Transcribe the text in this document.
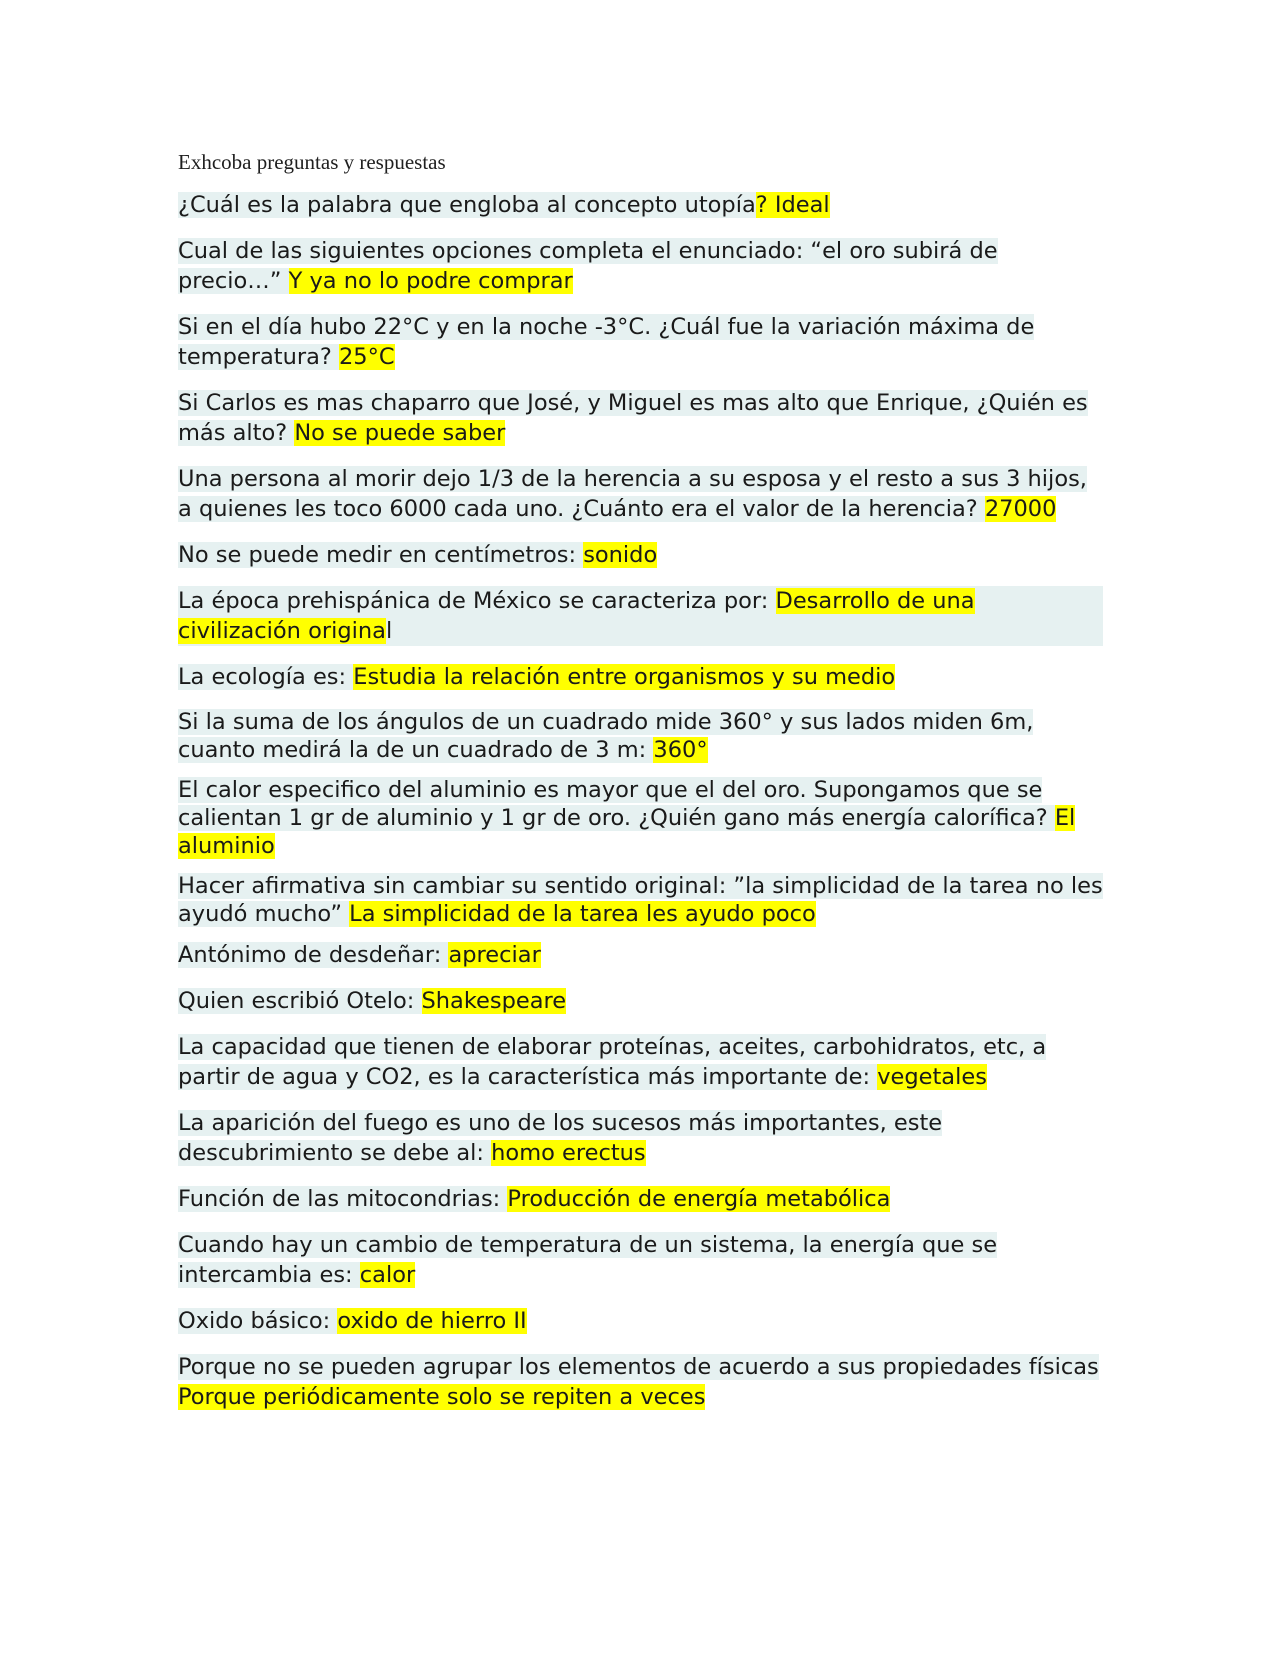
Exhcoba preguntas y respuestas

¿Cuál es la palabra que engloba al concepto utopía? Ideal

Cual de las siguientes opciones completa el enunciado: “el oro subirá de precio…” Y ya no lo podre comprar

Si en el día hubo 22°C y en la noche -3°C. ¿Cuál fue la variación máxima de temperatura? 25°C

Si Carlos es mas chaparro que José, y Miguel es mas alto que Enrique, ¿Quién es más alto? No se puede saber

Una persona al morir dejo 1/3 de la herencia a su esposa y el resto a sus 3 hijos, a quienes les toco 6000 cada uno. ¿Cuánto era el valor de la herencia? 27000

No se puede medir en centímetros: sonido

La época prehispánica de México se caracteriza por: Desarrollo de una civilización original

La ecología es: Estudia la relación entre organismos y su medio

Si la suma de los ángulos de un cuadrado mide 360° y sus lados miden 6m, cuanto medirá la de un cuadrado de 3 m: 360°

El calor especifico del aluminio es mayor que el del oro. Supongamos que se calientan 1 gr de aluminio y 1 gr de oro. ¿Quién gano más energía calorífica? El aluminio

Hacer afirmativa sin cambiar su sentido original: ”la simplicidad de la tarea no les ayudó mucho” La simplicidad de la tarea les ayudo poco

Antónimo de desdeñar: apreciar

Quien escribió Otelo: Shakespeare

La capacidad que tienen de elaborar proteínas, aceites, carbohidratos, etc, a partir de agua y CO2, es la característica más importante de: vegetales

La aparición del fuego es uno de los sucesos más importantes, este descubrimiento se debe al: homo erectus

Función de las mitocondrias: Producción de energía metabólica

Cuando hay un cambio de temperatura de un sistema, la energía que se intercambia es: calor

Oxido básico: oxido de hierro II

Porque no se pueden agrupar los elementos de acuerdo a sus propiedades físicas Porque periódicamente solo se repiten a veces
